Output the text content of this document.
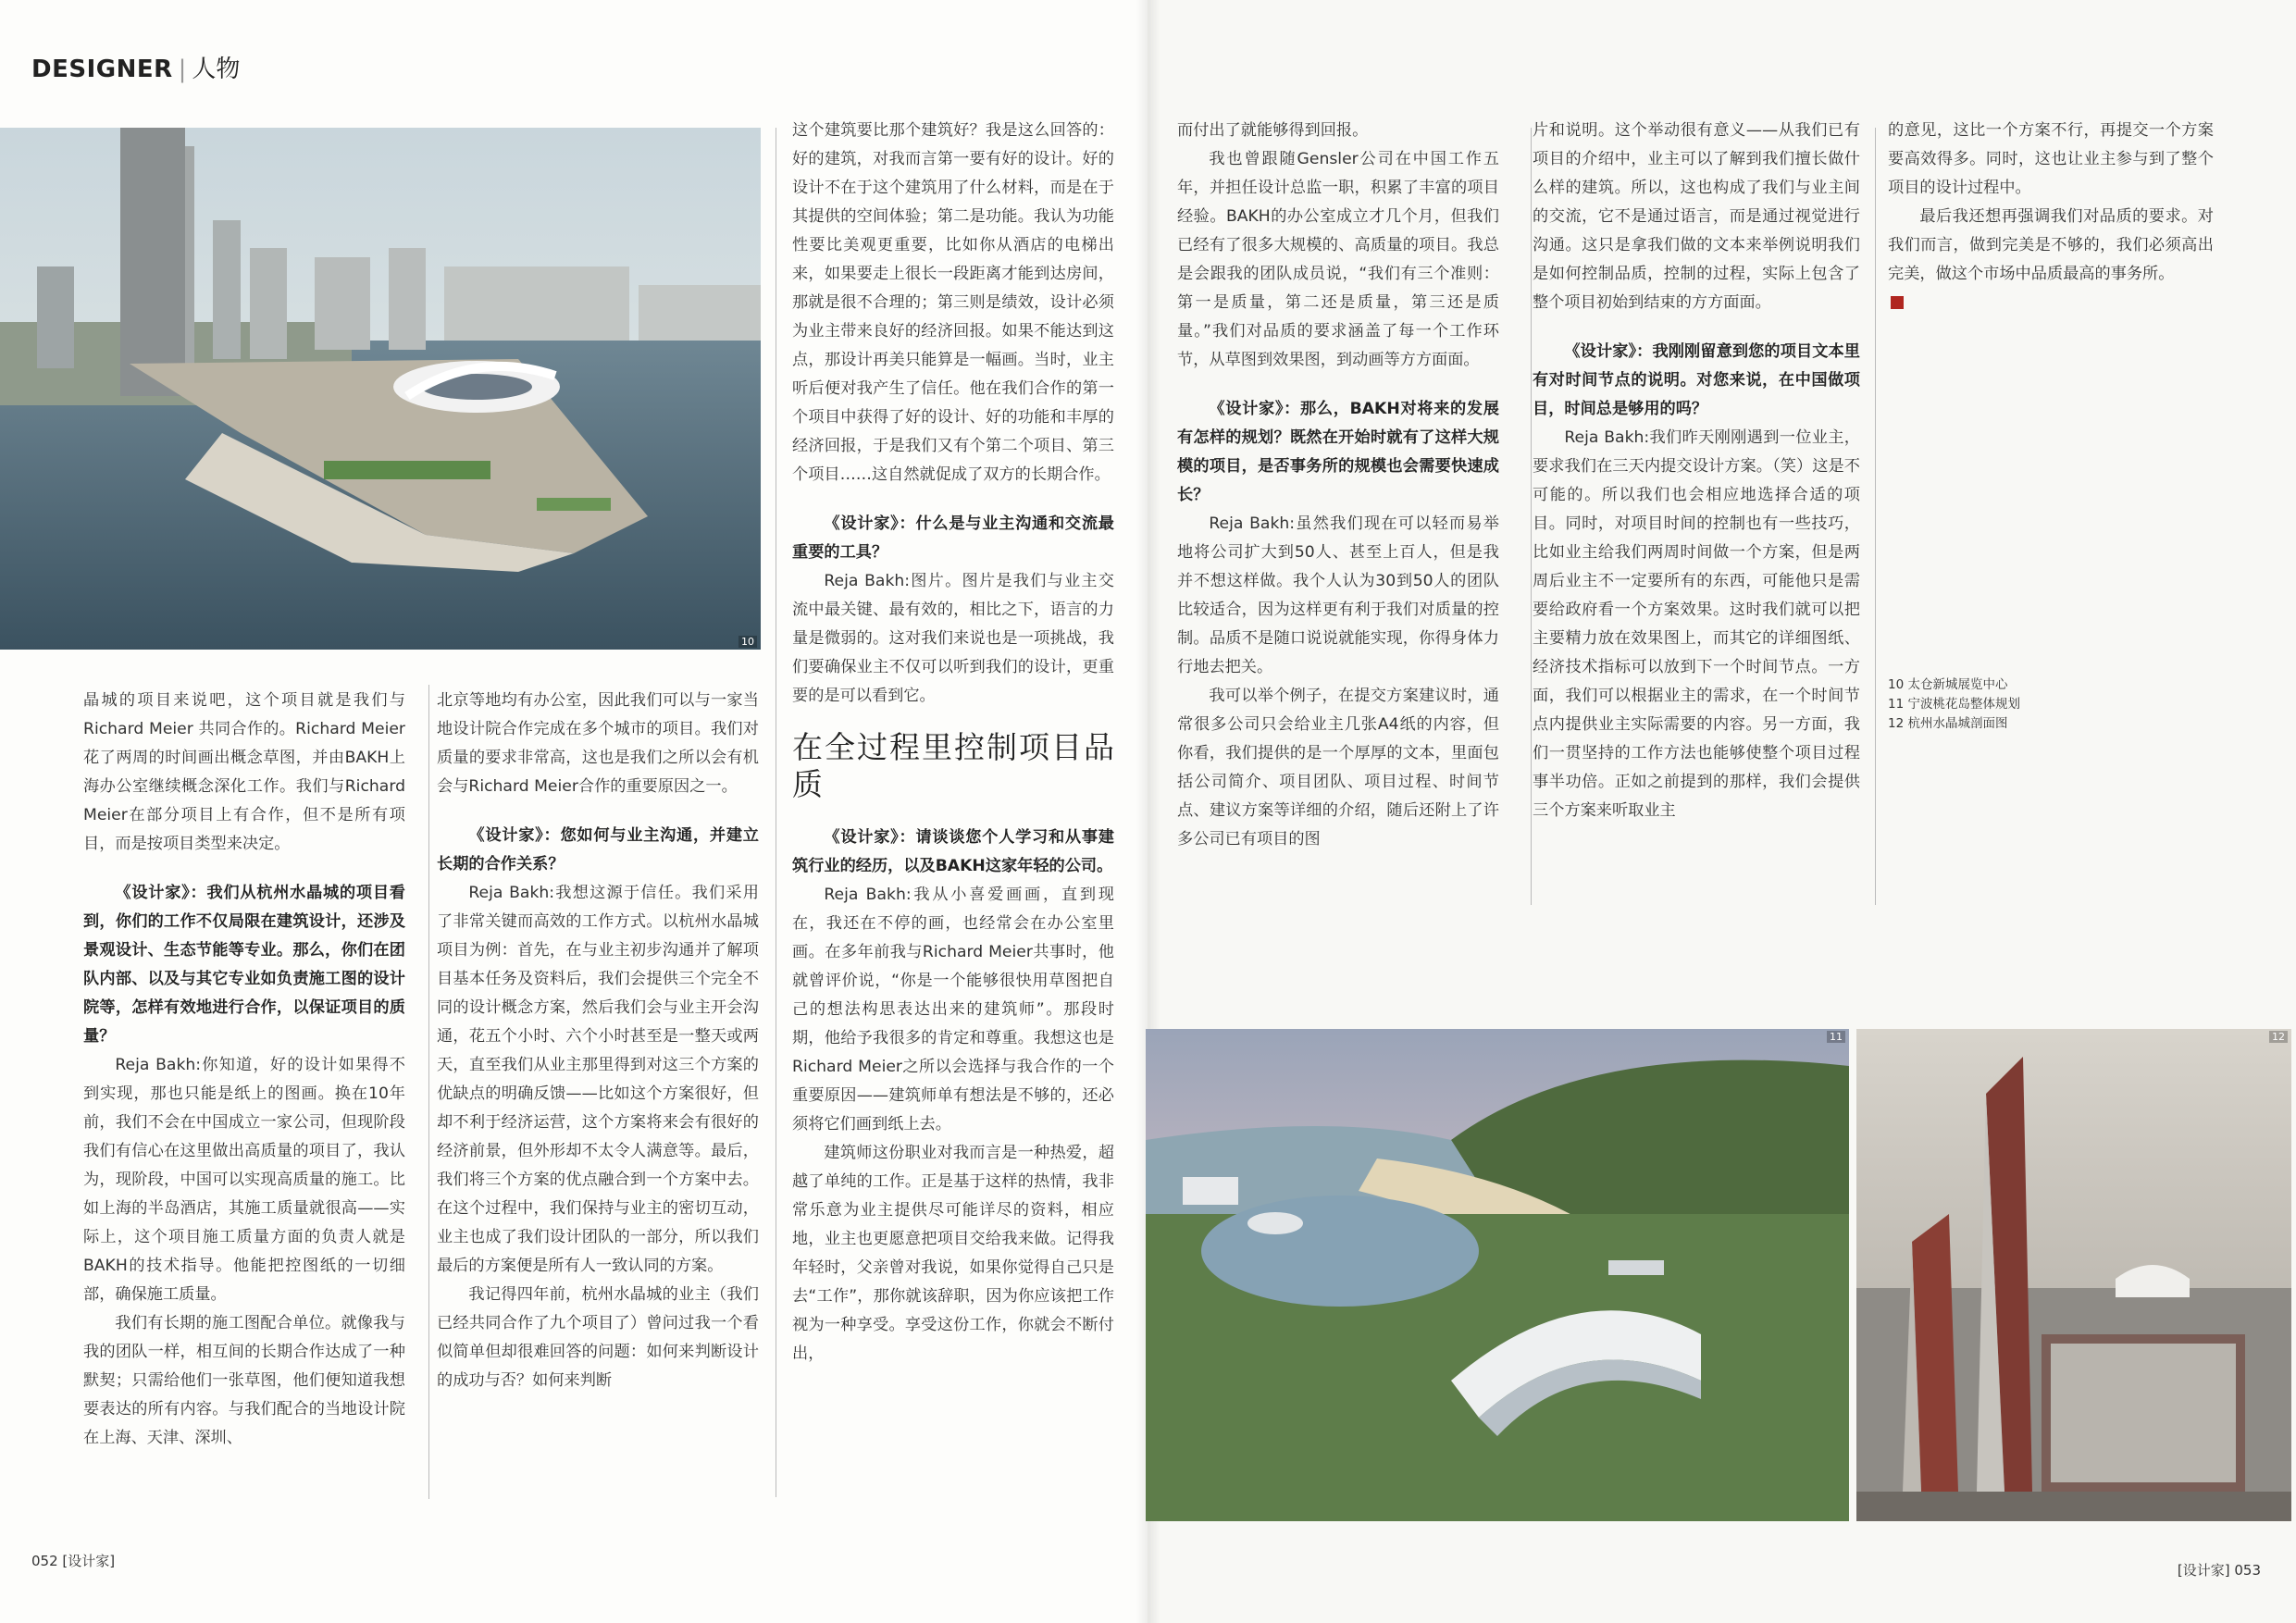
DESIGNER | 人物
10

晶城的项目来说吧，这个项目就是我们与Richard Meier 共同合作的。Richard Meier花了两周的时间画出概念草图，并由BAKH上海办公室继续概念深化工作。我们与Richard Meier在部分项目上有合作，但不是所有项目，而是按项目类型来决定。

《设计家》：我们从杭州水晶城的项目看到，你们的工作不仅局限在建筑设计，还涉及景观设计、生态节能等专业。那么，你们在团队内部、以及与其它专业如负责施工图的设计院等，怎样有效地进行合作，以保证项目的质量？

Reja Bakh:你知道，好的设计如果得不到实现，那也只能是纸上的图画。换在10年前，我们不会在中国成立一家公司，但现阶段我们有信心在这里做出高质量的项目了，我认为，现阶段，中国可以实现高质量的施工。比如上海的半岛酒店，其施工质量就很高——实际上，这个项目施工质量方面的负责人就是BAKH的技术指导。他能把控图纸的一切细部，确保施工质量。

我们有长期的施工图配合单位。就像我与我的团队一样，相互间的长期合作达成了一种默契；只需给他们一张草图，他们便知道我想要表达的所有内容。与我们配合的当地设计院在上海、天津、深圳、

北京等地均有办公室，因此我们可以与一家当地设计院合作完成在多个城市的项目。我们对质量的要求非常高，这也是我们之所以会有机会与Richard Meier合作的重要原因之一。

《设计家》：您如何与业主沟通，并建立长期的合作关系？

Reja Bakh:我想这源于信任。我们采用了非常关键而高效的工作方式。以杭州水晶城项目为例：首先，在与业主初步沟通并了解项目基本任务及资料后，我们会提供三个完全不同的设计概念方案，然后我们会与业主开会沟通，花五个小时、六个小时甚至是一整天或两天，直至我们从业主那里得到对这三个方案的优缺点的明确反馈——比如这个方案很好，但却不利于经济运营，这个方案将来会有很好的经济前景，但外形却不太令人满意等。最后，我们将三个方案的优点融合到一个方案中去。在这个过程中，我们保持与业主的密切互动，业主也成了我们设计团队的一部分，所以我们最后的方案便是所有人一致认同的方案。

我记得四年前，杭州水晶城的业主（我们已经共同合作了九个项目了）曾问过我一个看似简单但却很难回答的问题：如何来判断设计的成功与否？如何来判断

这个建筑要比那个建筑好？我是这么回答的：好的建筑，对我而言第一要有好的设计。好的设计不在于这个建筑用了什么材料，而是在于其提供的空间体验；第二是功能。我认为功能性要比美观更重要，比如你从酒店的电梯出来，如果要走上很长一段距离才能到达房间，那就是很不合理的；第三则是绩效，设计必须为业主带来良好的经济回报。如果不能达到这点，那设计再美只能算是一幅画。当时，业主听后便对我产生了信任。他在我们合作的第一个项目中获得了好的设计、好的功能和丰厚的经济回报，于是我们又有个第二个项目、第三个项目……这自然就促成了双方的长期合作。

《设计家》：什么是与业主沟通和交流最重要的工具？

Reja Bakh:图片。图片是我们与业主交流中最关键、最有效的，相比之下，语言的力量是微弱的。这对我们来说也是一项挑战，我们要确保业主不仅可以听到我们的设计，更重要的是可以看到它。

在全过程里控制项目品质

《设计家》：请谈谈您个人学习和从事建筑行业的经历，以及BAKH这家年轻的公司。

Reja Bakh:我从小喜爱画画，直到现在，我还在不停的画，也经常会在办公室里画。在多年前我与Richard Meier共事时，他就曾评价说，“你是一个能够很快用草图把自己的想法构思表达出来的建筑师”。那段时期，他给予我很多的肯定和尊重。我想这也是Richard Meier之所以会选择与我合作的一个重要原因——建筑师单有想法是不够的，还必须将它们画到纸上去。

建筑师这份职业对我而言是一种热爱，超越了单纯的工作。正是基于这样的热情，我非常乐意为业主提供尽可能详尽的资料，相应地，业主也更愿意把项目交给我来做。记得我年轻时，父亲曾对我说，如果你觉得自己只是去“工作”，那你就该辞职，因为你应该把工作视为一种享受。享受这份工作，你就会不断付出，

而付出了就能够得到回报。

我也曾跟随Gensler公司在中国工作五年，并担任设计总监一职，积累了丰富的项目经验。BAKH的办公室成立才几个月，但我们已经有了很多大规模的、高质量的项目。我总是会跟我的团队成员说，“我们有三个准则：第一是质量，第二还是质量，第三还是质量。”我们对品质的要求涵盖了每一个工作环节，从草图到效果图，到动画等方方面面。

《设计家》：那么，BAKH对将来的发展有怎样的规划？既然在开始时就有了这样大规模的项目，是否事务所的规模也会需要快速成长？

Reja Bakh:虽然我们现在可以轻而易举地将公司扩大到50人、甚至上百人，但是我并不想这样做。我个人认为30到50人的团队比较适合，因为这样更有利于我们对质量的控制。品质不是随口说说就能实现，你得身体力行地去把关。

我可以举个例子，在提交方案建议时，通常很多公司只会给业主几张A4纸的内容，但你看，我们提供的是一个厚厚的文本，里面包括公司简介、项目团队、项目过程、时间节点、建议方案等详细的介绍，随后还附上了许多公司已有项目的图

片和说明。这个举动很有意义——从我们已有项目的介绍中，业主可以了解到我们擅长做什么样的建筑。所以，这也构成了我们与业主间的交流，它不是通过语言，而是通过视觉进行沟通。这只是拿我们做的文本来举例说明我们是如何控制品质，控制的过程，实际上包含了整个项目初始到结束的方方面面。

《设计家》：我刚刚留意到您的项目文本里有对时间节点的说明。对您来说，在中国做项目，时间总是够用的吗？

Reja Bakh:我们昨天刚刚遇到一位业主，要求我们在三天内提交设计方案。（笑）这是不可能的。所以我们也会相应地选择合适的项目。同时，对项目时间的控制也有一些技巧，比如业主给我们两周时间做一个方案，但是两周后业主不一定要所有的东西，可能他只是需要给政府看一个方案效果。这时我们就可以把主要精力放在效果图上，而其它的详细图纸、经济技术指标可以放到下一个时间节点。一方面，我们可以根据业主的需求，在一个时间节点内提供业主实际需要的内容。另一方面，我们一贯坚持的工作方法也能够使整个项目过程事半功倍。正如之前提到的那样，我们会提供三个方案来听取业主

的意见，这比一个方案不行，再提交一个方案要高效得多。同时，这也让业主参与到了整个项目的设计过程中。

最后我还想再强调我们对品质的要求。对我们而言，做到完美是不够的，我们必须高出完美，做这个市场中品质最高的事务所。

10 太仓新城展览中心
11 宁波桃花岛整体规划
12 杭州水晶城剖面图
11	12
052 [设计家]
[设计家] 053
